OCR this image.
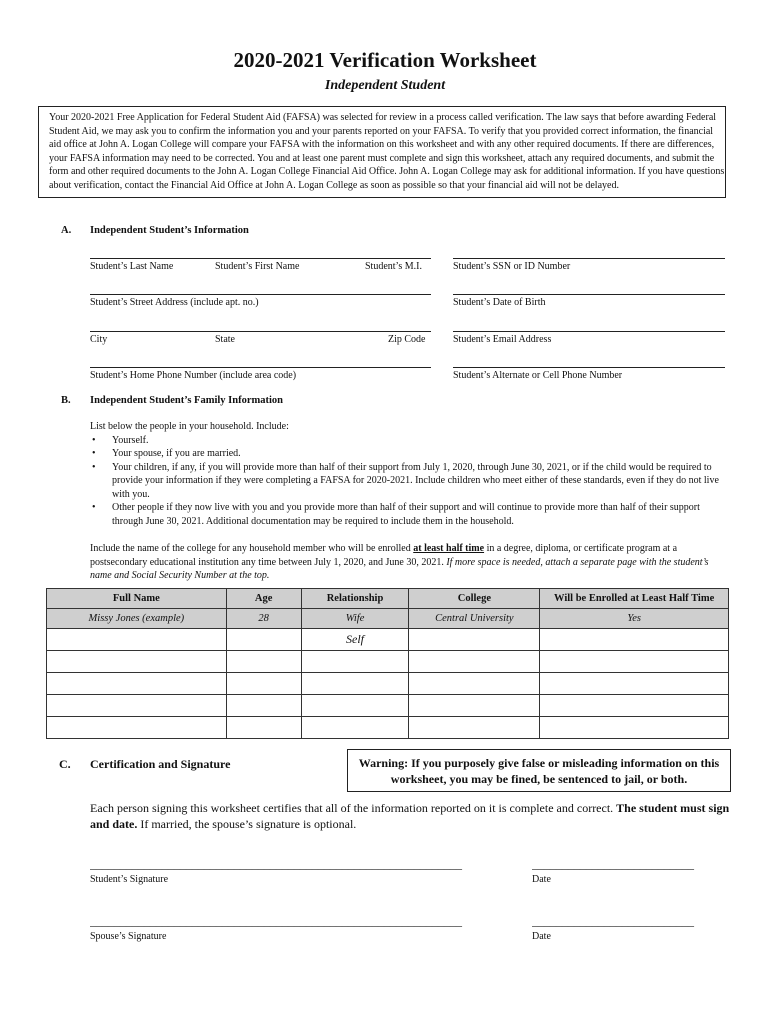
2020-2021 Verification Worksheet
Independent Student
Your 2020-2021 Free Application for Federal Student Aid (FAFSA) was selected for review in a process called verification. The law says that before awarding Federal Student Aid, we may ask you to confirm the information you and your parents reported on your FAFSA. To verify that you provided correct information, the financial aid office at John A. Logan College will compare your FAFSA with the information on this worksheet and with any other required documents. If there are differences, your FAFSA information may need to be corrected. You and at least one parent must complete and sign this worksheet, attach any required documents, and submit the form and other required documents to the John A. Logan College Financial Aid Office. John A. Logan College may ask for additional information. If you have questions about verification, contact the Financial Aid Office at John A. Logan College as soon as possible so that your financial aid will not be delayed.
A. Independent Student’s Information
Student’s Last Name	Student’s First Name	Student’s M.I.	Student’s SSN or ID Number
Student’s Street Address (include apt. no.)	Student’s Date of Birth
City	State	Zip Code	Student’s Email Address
Student’s Home Phone Number (include area code)	Student’s Alternate or Cell Phone Number
B. Independent Student’s Family Information
List below the people in your household. Include:
• Yourself.
• Your spouse, if you are married.
• Your children, if any, if you will provide more than half of their support from July 1, 2020, through June 30, 2021, or if the child would be required to provide your information if they were completing a FAFSA for 2020-2021. Include children who meet either of these standards, even if they do not live with you.
• Other people if they now live with you and you provide more than half of their support and will continue to provide more than half of their support through June 30, 2021. Additional documentation may be required to include them in the household.
Include the name of the college for any household member who will be enrolled at least half time in a degree, diploma, or certificate program at a postsecondary educational institution any time between July 1, 2020, and June 30, 2021. If more space is needed, attach a separate page with the student’s name and Social Security Number at the top.
Full Name	Age	Relationship	College	Will be Enrolled at Least Half Time
Missy Jones (example)	28	Wife	Central University	Yes
		Self		

C. Certification and Signature	Warning: If you purposely give false or misleading information on this worksheet, you may be fined, be sentenced to jail, or both.
Each person signing this worksheet certifies that all of the information reported on it is complete and correct. The student must sign and date. If married, the spouse’s signature is optional.
______________________________________________________________	___________________________
Student’s Signature	Date
______________________________________________________________	___________________________
Spouse’s Signature	Date
